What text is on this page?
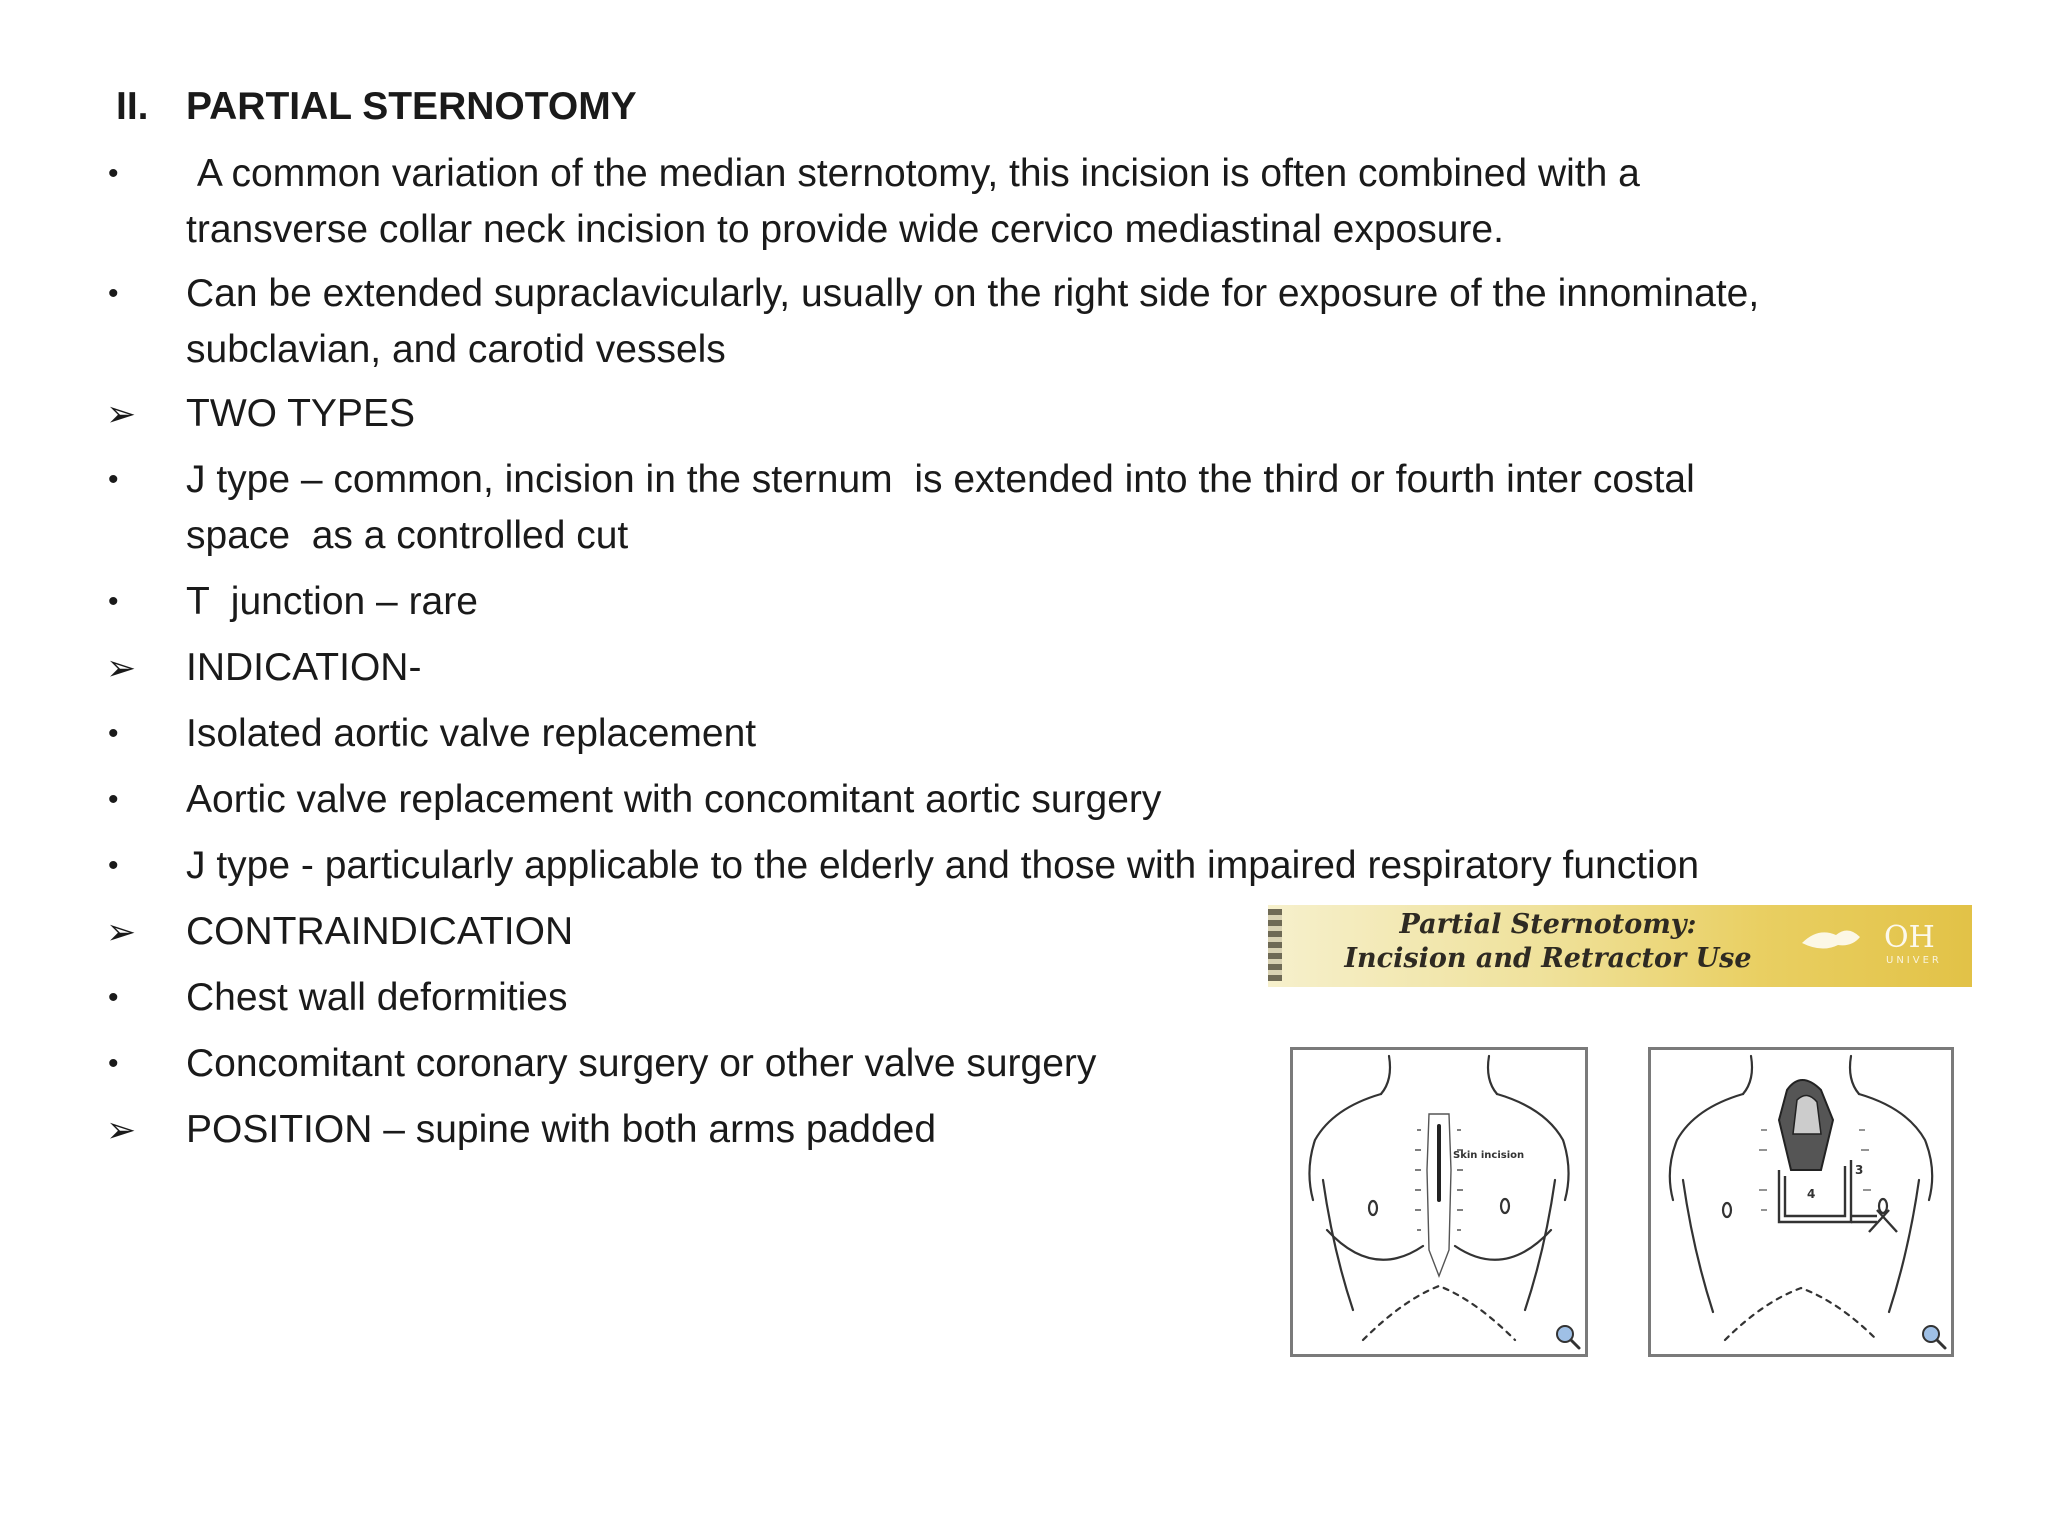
II. PARTIAL STERNOTOMY
•	A common variation of the median sternotomy, this incision is often combined with a
transverse collar neck incision to provide wide cervico mediastinal exposure.
•	Can be extended supraclavicularly, usually on the right side for exposure of the innominate,
subclavian, and carotid vessels
➢	TWO TYPES
•	J type – common, incision in the sternum  is extended into the third or fourth inter costal
space  as a controlled cut
•	T  junction – rare
➢	INDICATION-
•	Isolated aortic valve replacement
•	Aortic valve replacement with concomitant aortic surgery
•	J type - particularly applicable to the elderly and those with impaired respiratory function
➢	CONTRAINDICATION
•	Chest wall deformities
•	Concomitant coronary surgery or other valve surgery
➢	POSITION – supine with both arms padded
Partial Sternotomy:
Incision and Retractor Use
OH
UNIVER
Skin incision
3
4
